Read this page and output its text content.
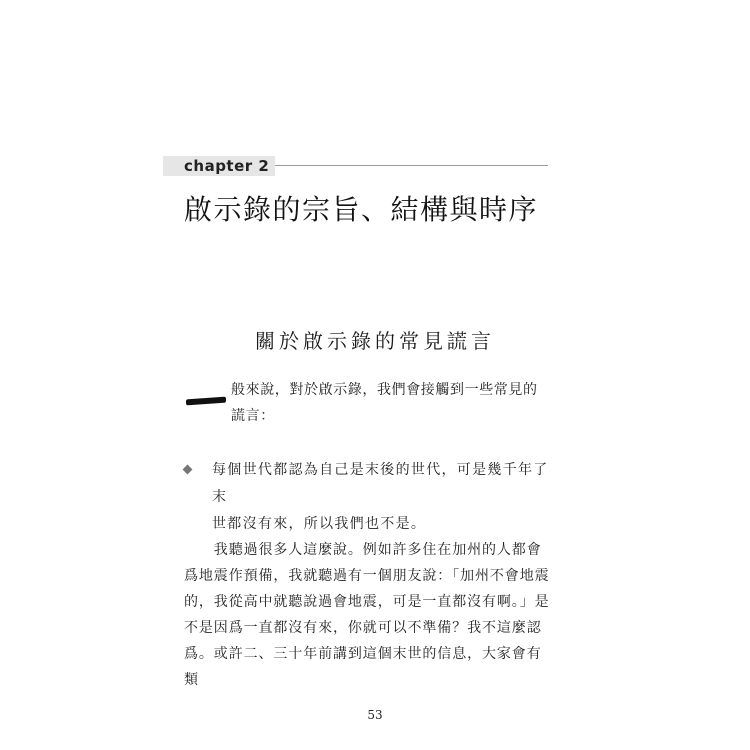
chapter 2
啟示錄的宗旨、結構與時序
關於啟示錄的常見謊言
般來說，對於啟示錄，我們會接觸到一些常見的
謊言：
每個世代都認為自己是末後的世代，可是幾千年了末
世都沒有來，所以我們也不是。
　　我聽過很多人這麼說。例如許多住在加州的人都會
爲地震作預備，我就聽過有一個朋友說：「加州不會地震
的，我從高中就聽說過會地震，可是一直都沒有啊。」是
不是因爲一直都沒有來，你就可以不準備？我不這麼認
爲。或許二、三十年前講到這個末世的信息，大家會有類
53
